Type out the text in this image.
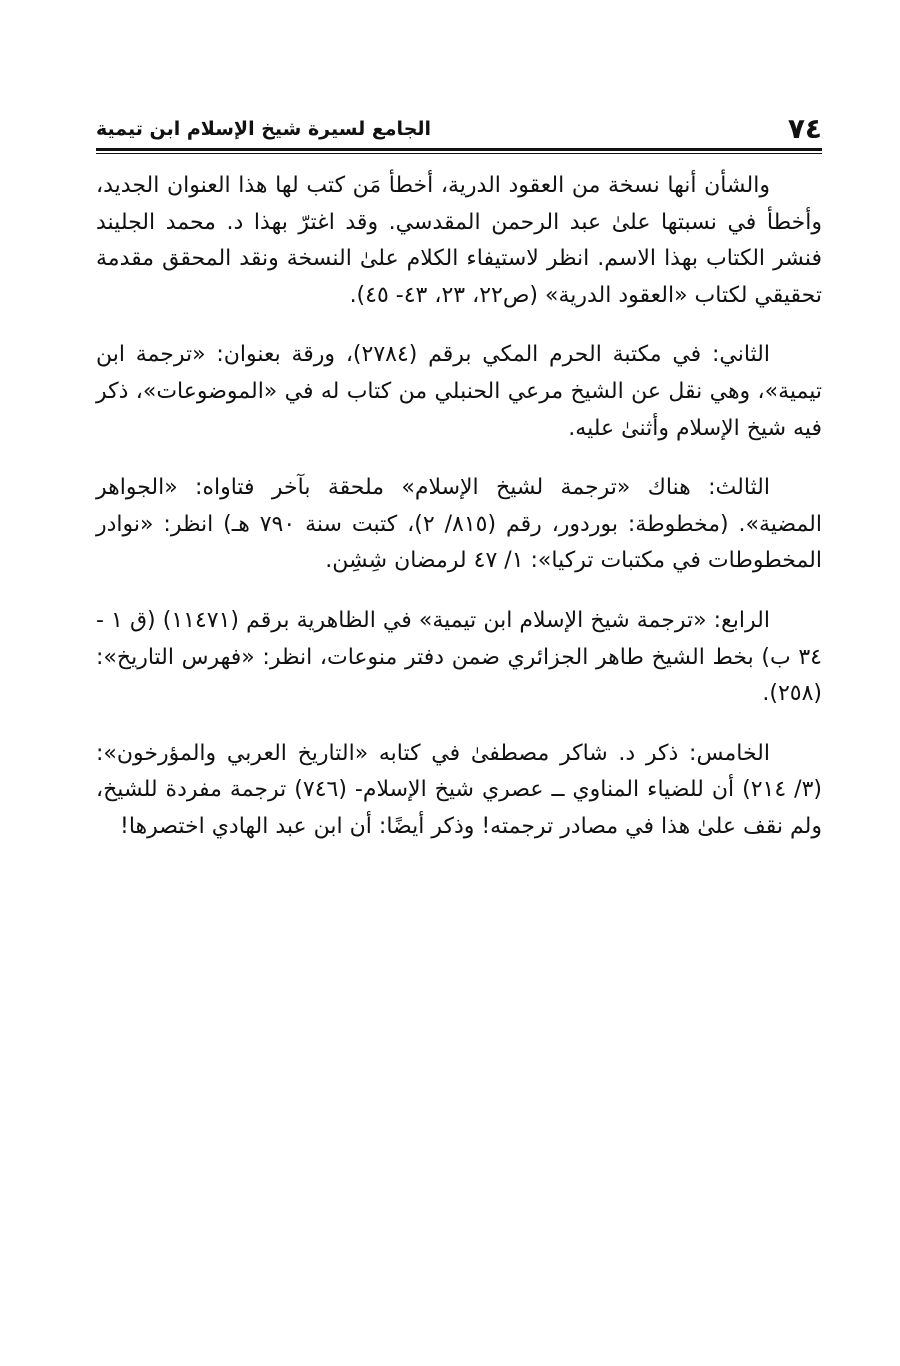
٧٤
الجامع لسيرة شيخ الإسلام ابن تيمية

والشأن أنها نسخة من العقود الدرية، أخطأ مَن كتب لها هذا العنوان الجديد، وأخطأ في نسبتها علىٰ عبد الرحمن المقدسي. وقد اغترّ بهذا د. محمد الجليند فنشر الكتاب بهذا الاسم. انظر لاستيفاء الكلام علىٰ النسخة ونقد المحقق مقدمة تحقيقي لكتاب «العقود الدرية» (ص٢٢، ٢٣، ٤٣- ٤٥).

الثاني: في مكتبة الحرم المكي برقم (٢٧٨٤)، ورقة بعنوان: «ترجمة ابن تيمية»، وهي نقل عن الشيخ مرعي الحنبلي من كتاب له في «الموضوعات»، ذكر فيه شيخ الإسلام وأثنىٰ عليه.

الثالث: هناك «ترجمة لشيخ الإسلام» ملحقة بآخر فتاواه: «الجواهر المضية». (مخطوطة: بوردور، رقم (٨١٥/ ٢)، كتبت سنة ٧٩٠ هـ) انظر: «نوادر المخطوطات في مكتبات تركيا»: ١/ ٤٧ لرمضان شِشِن.

الرابع: «ترجمة شيخ الإسلام ابن تيمية» في الظاهرية برقم (١١٤٧١) (ق ١ - ٣٤ ب) بخط الشيخ طاهر الجزائري ضمن دفتر منوعات، انظر: «فهرس التاريخ»: (٢٥٨).

الخامس: ذكر د. شاكر مصطفىٰ في كتابه «التاريخ العربي والمؤرخون»: (٣/ ٢١٤) أن للضياء المناوي ــ عصري شيخ الإسلام- (٧٤٦) ترجمة مفردة للشيخ، ولم نقف علىٰ هذا في مصادر ترجمته! وذكر أيضًا: أن ابن عبد الهادي اختصرها!
